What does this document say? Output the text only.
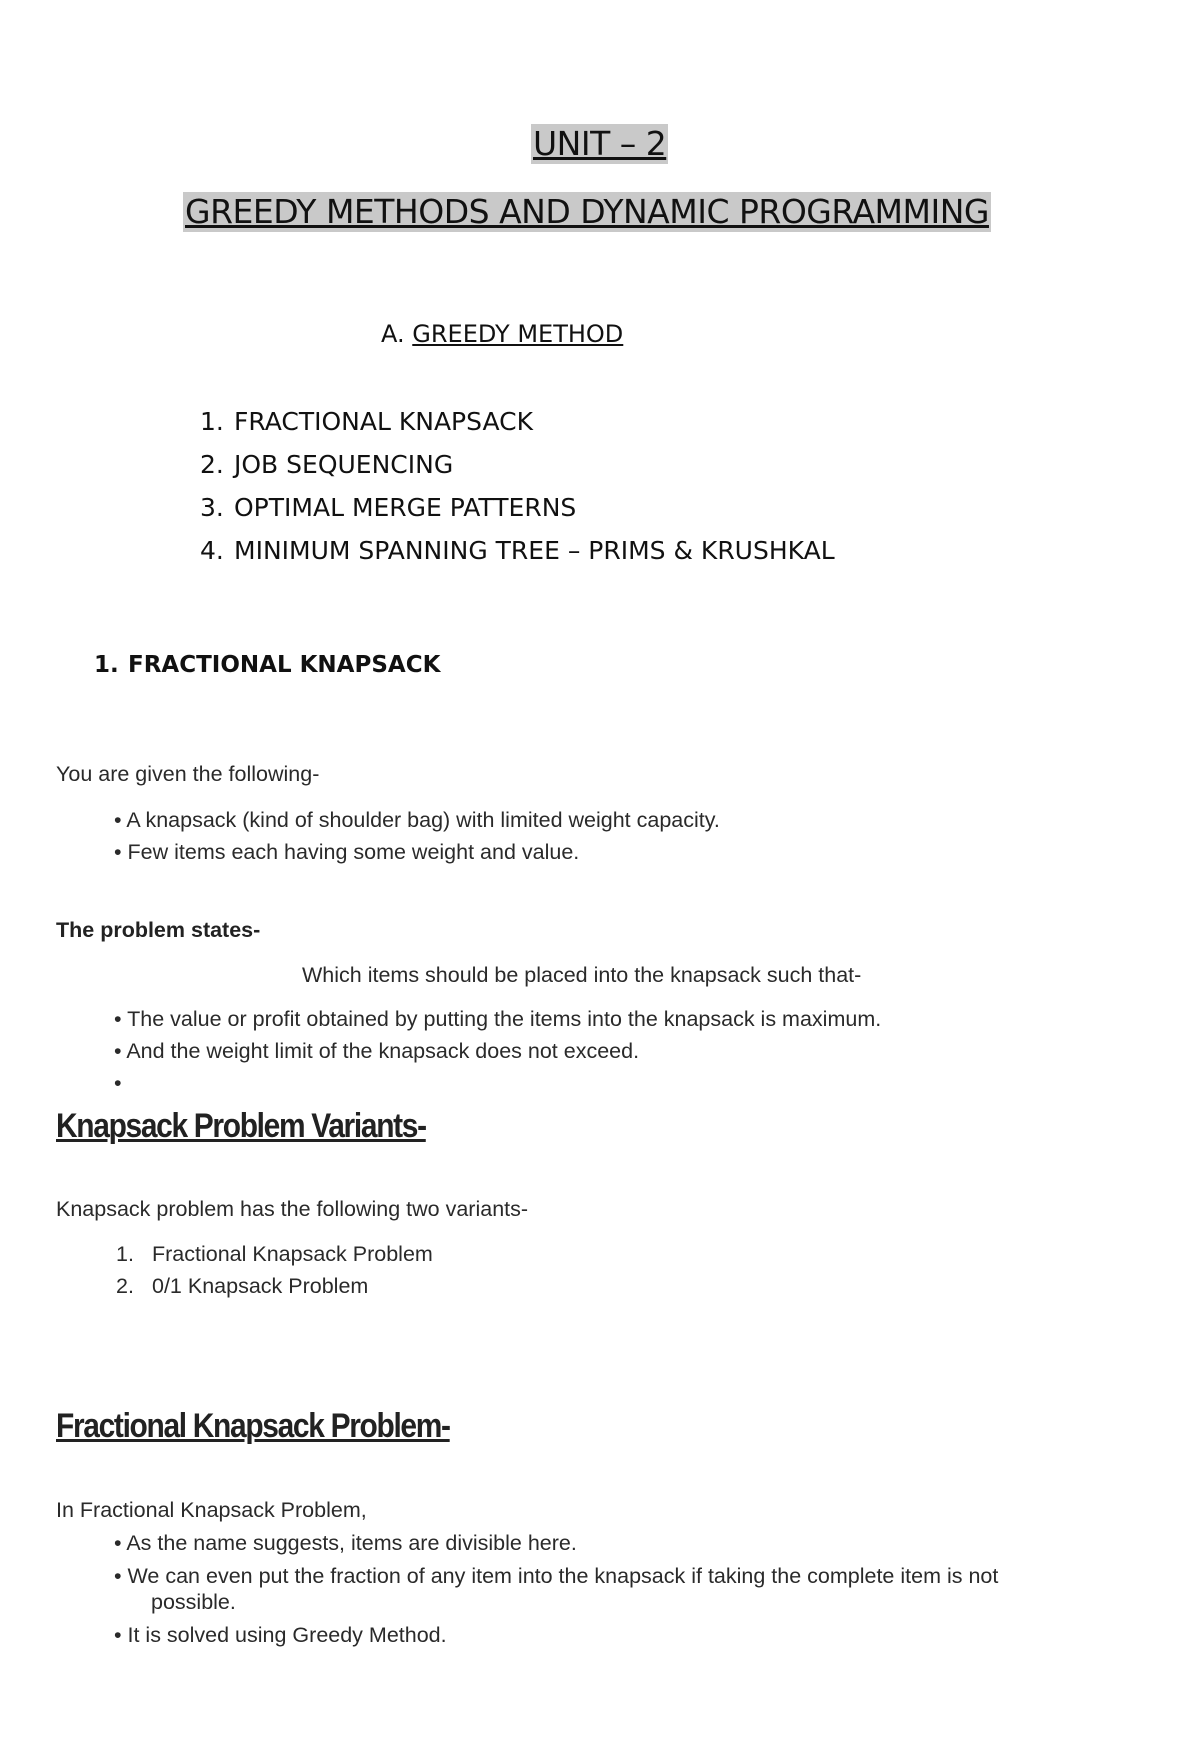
UNIT – 2
GREEDY METHODS AND DYNAMIC PROGRAMMING
A. GREEDY METHOD
1. FRACTIONAL KNAPSACK
2. JOB SEQUENCING
3. OPTIMAL MERGE PATTERNS
4. MINIMUM SPANNING TREE – PRIMS & KRUSHKAL
1. FRACTIONAL KNAPSACK
You are given the following-
• A knapsack (kind of shoulder bag) with limited weight capacity.
• Few items each having some weight and value.
The problem states-
Which items should be placed into the knapsack such that-
• The value or profit obtained by putting the items into the knapsack is maximum.
• And the weight limit of the knapsack does not exceed.
•
Knapsack Problem Variants-
Knapsack problem has the following two variants-
1. Fractional Knapsack Problem
2. 0/1 Knapsack Problem
Fractional Knapsack Problem-
In Fractional Knapsack Problem,
• As the name suggests, items are divisible here.
• We can even put the fraction of any item into the knapsack if taking the complete item is not
possible.
• It is solved using Greedy Method.
